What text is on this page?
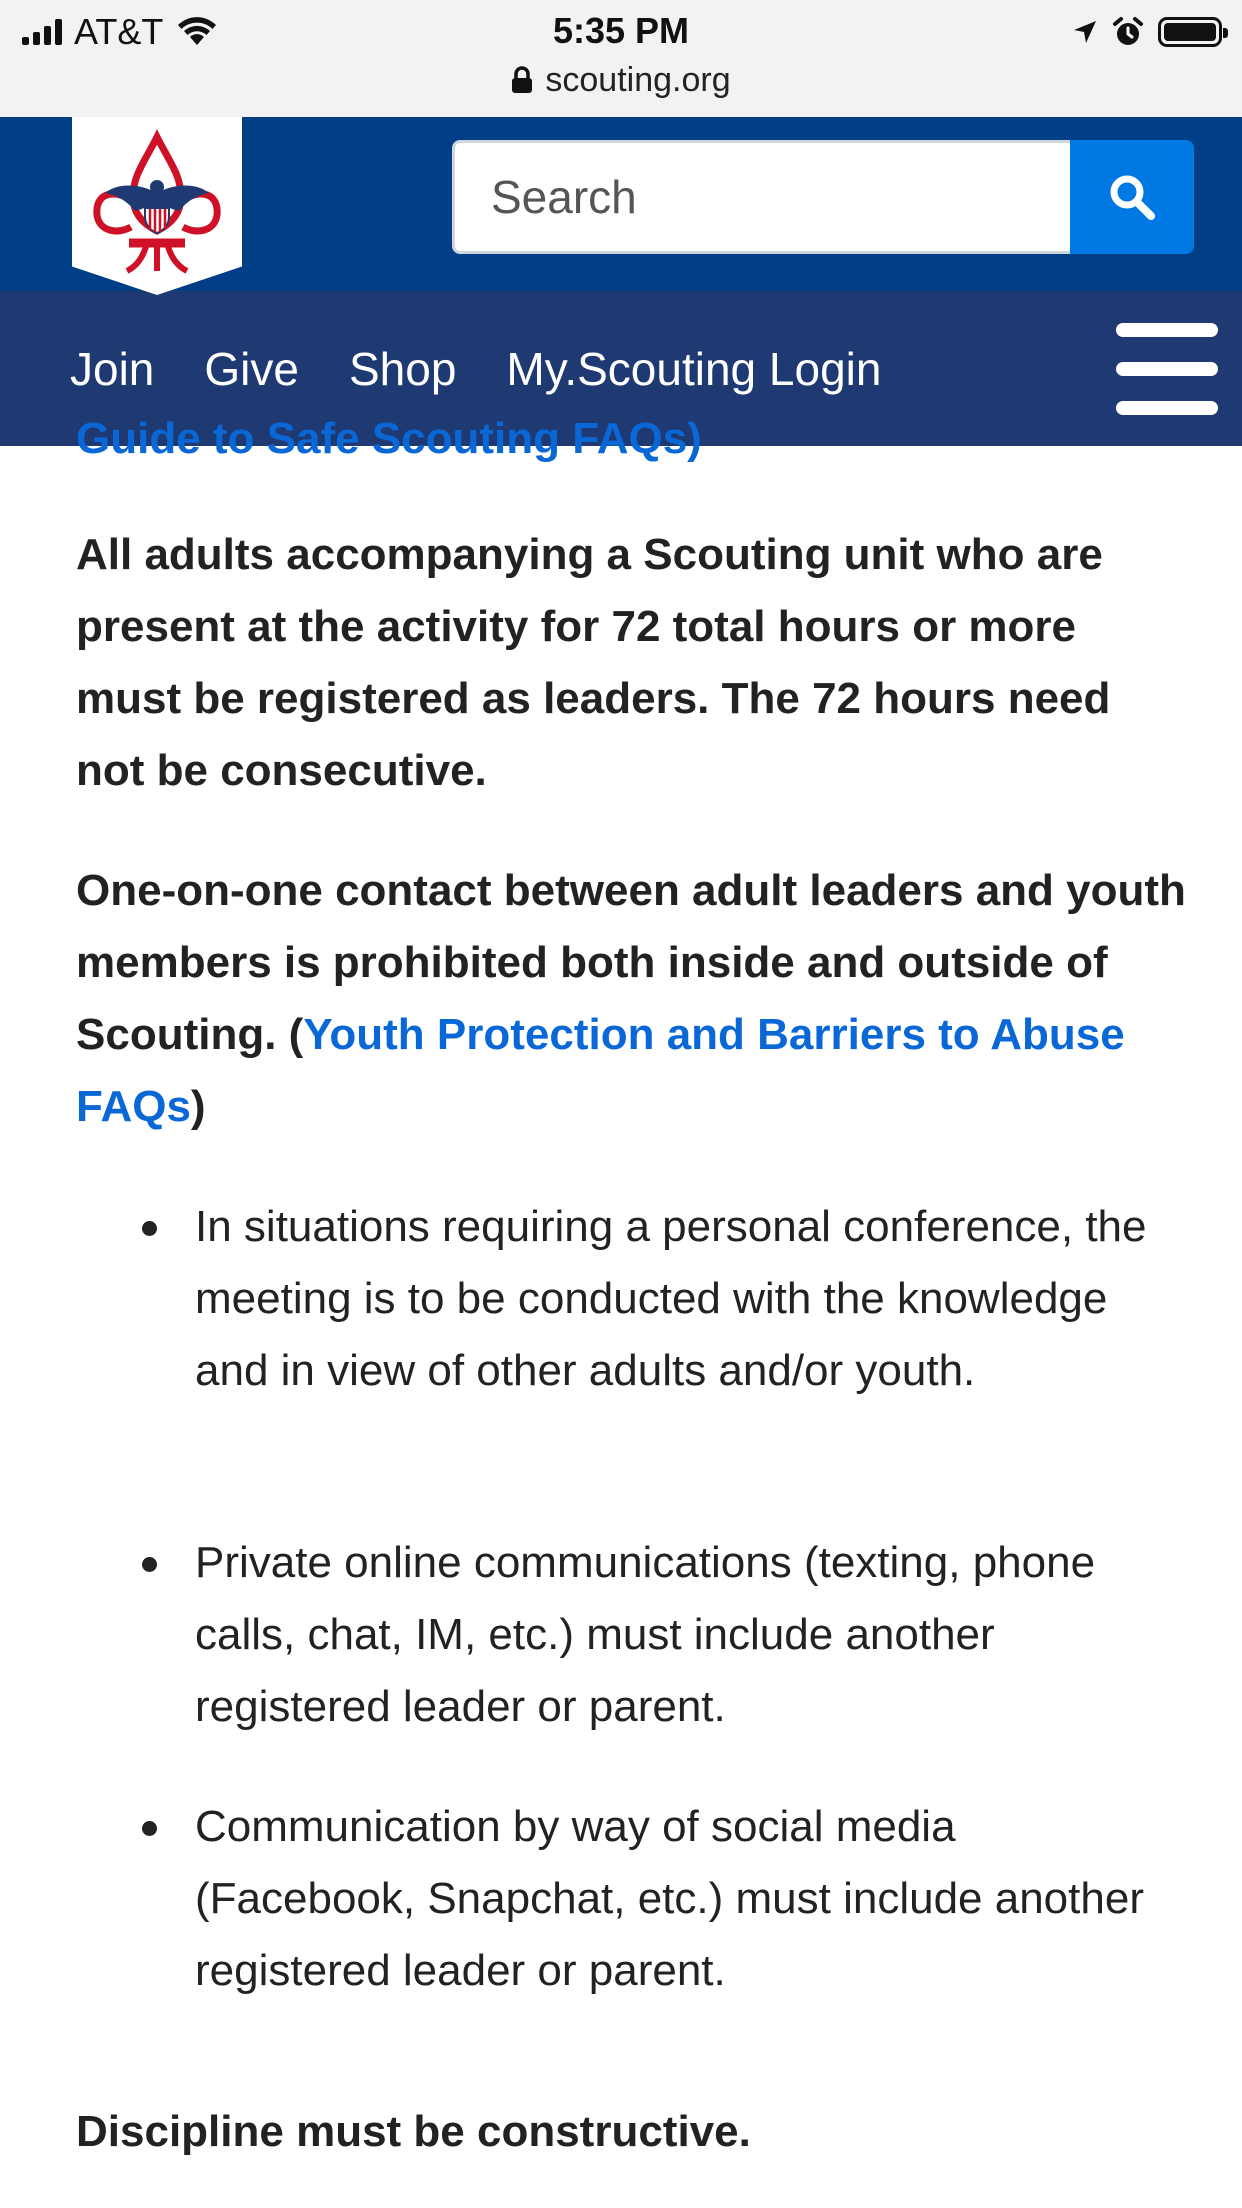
AT&T	5:35 PM
scouting.org
Search
Join Give Shop My.Scouting Login
Guide to Safe Scouting FAQs)

All adults accompanying a Scouting unit who are present at the activity for 72 total hours or more must be registered as leaders. The 72 hours need not be consecutive.

One-on-one contact between adult leaders and youth members is prohibited both inside and outside of Scouting. (Youth Protection and Barriers to Abuse FAQs)

In situations requiring a personal conference, the meeting is to be conducted with the knowledge and in view of other adults and/or youth.
Private online communications (texting, phone calls, chat, IM, etc.) must include another registered leader or parent.
Communication by way of social media (Facebook, Snapchat, etc.) must include another registered leader or parent.

Discipline must be constructive.
